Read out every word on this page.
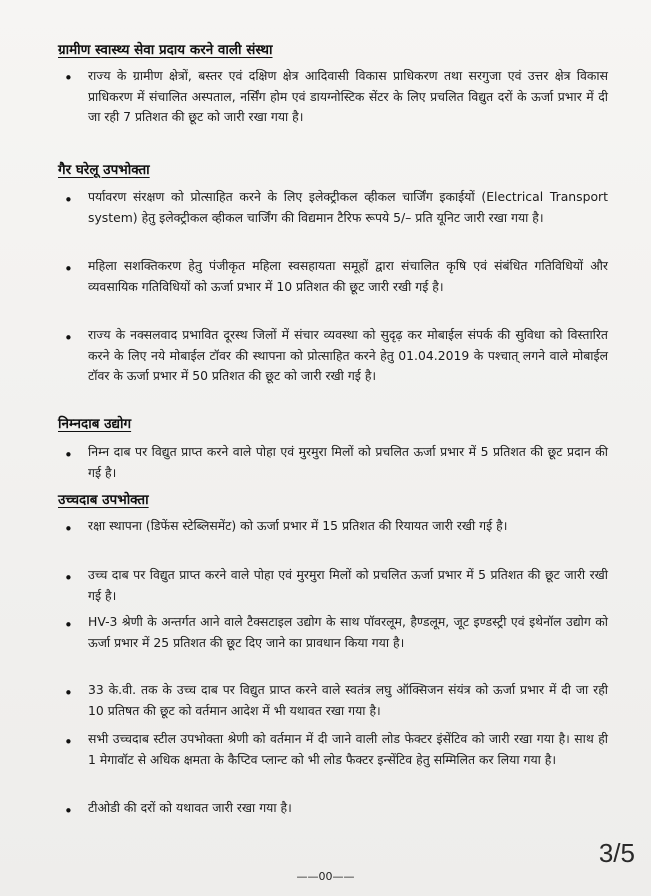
ग्रामीण स्वास्थ्य सेवा प्रदाय करने वाली संस्था
• राज्य के ग्रामीण क्षेत्रों, बस्तर एवं दक्षिण क्षेत्र आदिवासी विकास प्राधिकरण तथा सरगुजा एवं उत्तर क्षेत्र विकास प्राधिकरण में संचालित अस्पताल, नर्सिंग होम एवं डायग्नोस्टिक सेंटर के लिए प्रचलित विद्युत दरों के ऊर्जा प्रभार में दी जा रही 7 प्रतिशत की छूट को जारी रखा गया है।
गैर घरेलू उपभोक्ता
• पर्यावरण संरक्षण को प्रोत्साहित करने के लिए इलेक्ट्रीकल व्हीकल चार्जिंग इकाईयों (Electrical Transport system) हेतु इलेक्ट्रीकल व्हीकल चार्जिंग की विद्यमान टैरिफ रूपये 5/– प्रति यूनिट जारी रखा गया है।
• महिला सशक्तिकरण हेतु पंजीकृत महिला स्वसहायता समूहों द्वारा संचालित कृषि एवं संबंधित गतिविधियों और व्यवसायिक गतिविधियों को ऊर्जा प्रभार में 10 प्रतिशत की छूट जारी रखी गई है।
• राज्य के नक्सलवाद प्रभावित दूरस्थ जिलों में संचार व्यवस्था को सुदृढ़ कर मोबाईल संपर्क की सुविधा को विस्तारित करने के लिए नये मोबाईल टॉवर की स्थापना को प्रोत्साहित करने हेतु 01.04.2019 के पश्चात् लगने वाले मोबाईल टॉवर के ऊर्जा प्रभार में 50 प्रतिशत की छूट को जारी रखी गई है।
निम्नदाब उद्योग
• निम्न दाब पर विद्युत प्राप्त करने वाले पोहा एवं मुरमुरा मिलों को प्रचलित ऊर्जा प्रभार में 5 प्रतिशत की छूट प्रदान की गई है।
उच्चदाब उपभोक्ता
• रक्षा स्थापना (डिफेंस स्टेब्लिसमेंट) को ऊर्जा प्रभार में 15 प्रतिशत की रियायत जारी रखी गई है।
• उच्च दाब पर विद्युत प्राप्त करने वाले पोहा एवं मुरमुरा मिलों को प्रचलित ऊर्जा प्रभार में 5 प्रतिशत की छूट जारी रखी गई है।
• HV-3 श्रेणी के अन्तर्गत आने वाले टैक्सटाइल उद्योग के साथ पॉवरलूम, हैण्डलूम, जूट इण्डस्ट्री एवं इथेनॉल उद्योग को ऊर्जा प्रभार में 25 प्रतिशत की छूट दिए जाने का प्रावधान किया गया है।
• 33 के.वी. तक के उच्च दाब पर विद्युत प्राप्त करने वाले स्वतंत्र लघु ऑक्सिजन संयंत्र को ऊर्जा प्रभार में दी जा रही 10 प्रतिषत की छूट को वर्तमान आदेश में भी यथावत रखा गया है।
• सभी उच्चदाब स्टील उपभोक्ता श्रेणी को वर्तमान में दी जाने वाली लोड फेक्टर इंसेंटिव को जारी रखा गया है। साथ ही 1 मेगावॉट से अधिक क्षमता के कैप्टिव प्लान्ट को भी लोड फैक्टर इन्सेंटिव हेतु सम्मिलित कर लिया गया है।
• टीओडी की दरों को यथावत जारी रखा गया है।
3/5
——00——
